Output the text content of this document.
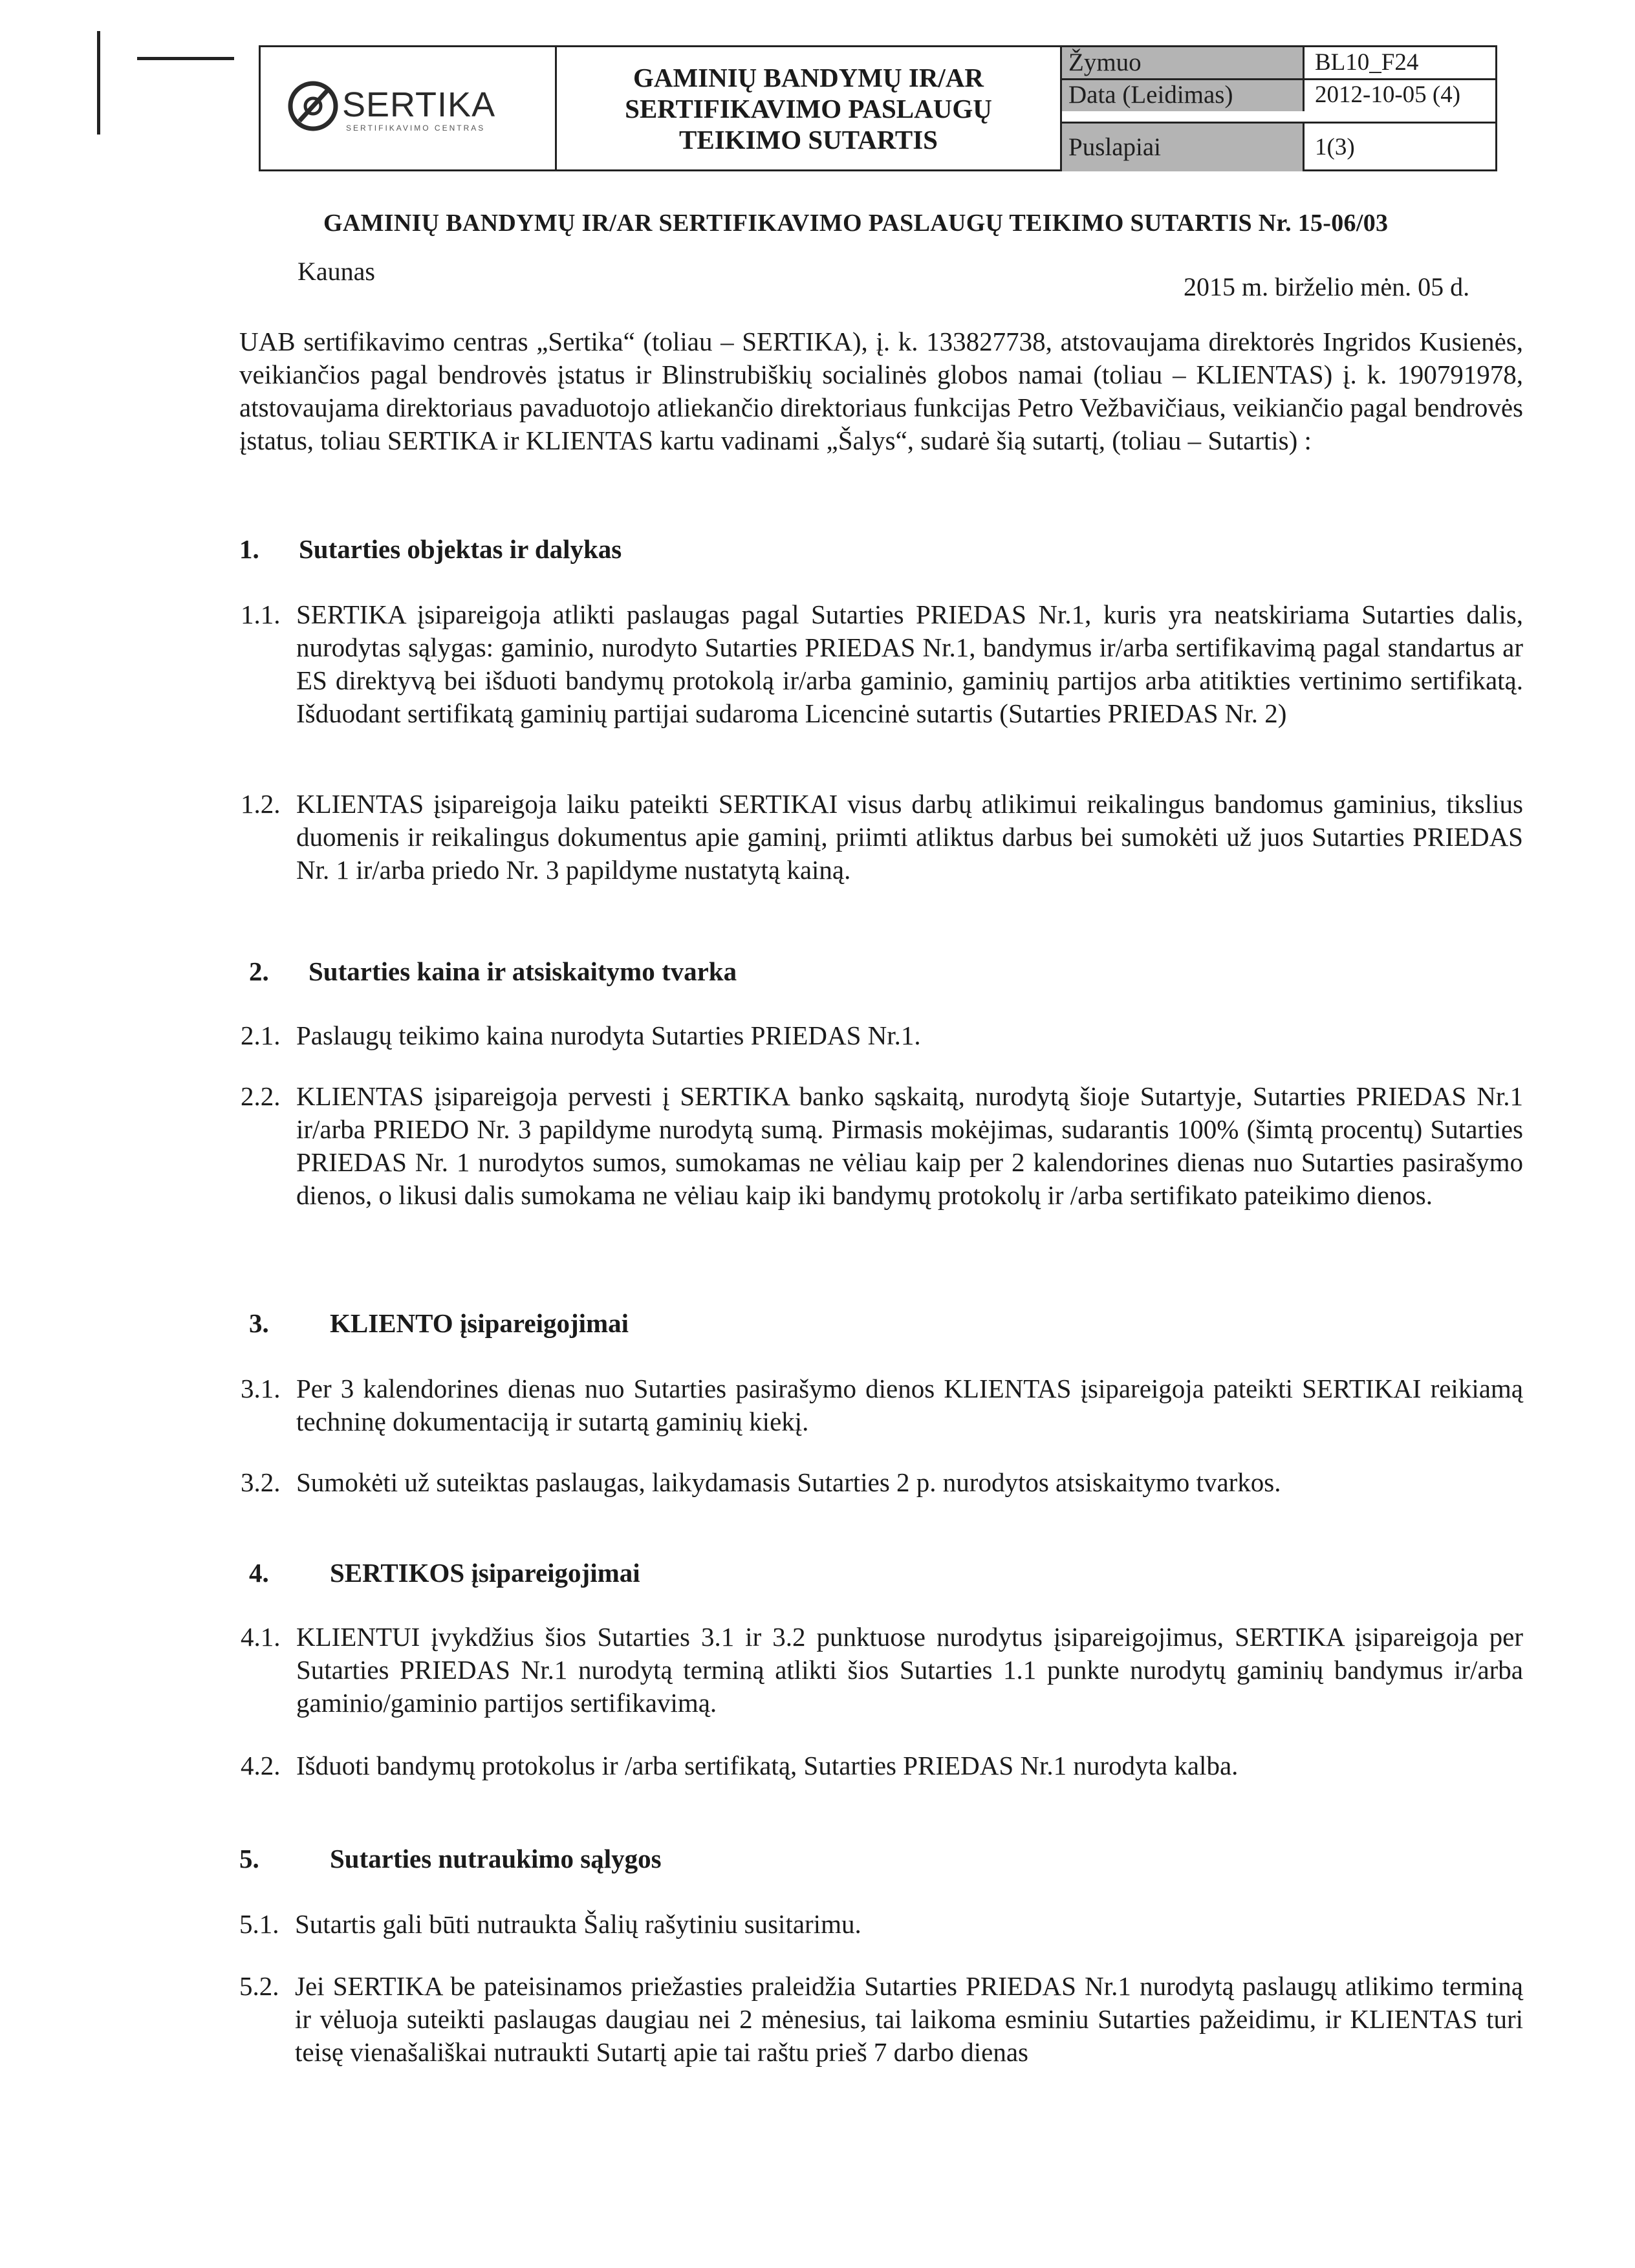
SERTIKA
SERTIFIKAVIMO CENTRAS
GAMINIŲ BANDYMŲ IR/AR
SERTIFIKAVIMO PASLAUGŲ
TEIKIMO SUTARTIS
Žymuo	BL10_F24
Data (Leidimas)	2012-10-05 (4)
Puslapiai	1(3)
GAMINIŲ BANDYMŲ IR/AR SERTIFIKAVIMO PASLAUGŲ TEIKIMO SUTARTIS Nr. 15-06/03
Kaunas
2015 m. birželio mėn. 05 d.
UAB sertifikavimo centras „Sertika“ (toliau – SERTIKA), į. k. 133827738, atstovaujama direktorės Ingridos Kusienės, veikiančios pagal bendrovės įstatus ir Blinstrubiškių socialinės globos namai (toliau – KLIENTAS) į. k. 190791978, atstovaujama direktoriaus pavaduotojo atliekančio direktoriaus funkcijas Petro Vežbavičiaus, veikiančio pagal bendrovės įstatus, toliau SERTIKA ir KLIENTAS kartu vadinami „Šalys“, sudarė šią sutartį, (toliau – Sutartis) :
1. Sutarties objektas ir dalykas
1.1. SERTIKA įsipareigoja atlikti paslaugas pagal Sutarties PRIEDAS Nr.1, kuris yra neatskiriama Sutarties dalis, nurodytas sąlygas: gaminio, nurodyto Sutarties PRIEDAS Nr.1, bandymus ir/arba sertifikavimą pagal standartus ar ES direktyvą bei išduoti bandymų protokolą ir/arba gaminio, gaminių partijos arba atitikties vertinimo sertifikatą. Išduodant sertifikatą gaminių partijai sudaroma Licencinė sutartis (Sutarties PRIEDAS Nr. 2)
1.2. KLIENTAS įsipareigoja laiku pateikti SERTIKAI visus darbų atlikimui reikalingus bandomus gaminius, tikslius duomenis ir reikalingus dokumentus apie gaminį, priimti atliktus darbus bei sumokėti už juos Sutarties PRIEDAS Nr. 1 ir/arba priedo Nr. 3 papildyme nustatytą kainą.
2. Sutarties kaina ir atsiskaitymo tvarka
2.1. Paslaugų teikimo kaina nurodyta Sutarties PRIEDAS Nr.1.
2.2. KLIENTAS įsipareigoja pervesti į SERTIKA banko sąskaitą, nurodytą šioje Sutartyje, Sutarties PRIEDAS Nr.1 ir/arba PRIEDO Nr. 3 papildyme nurodytą sumą. Pirmasis mokėjimas, sudarantis 100% (šimtą procentų) Sutarties PRIEDAS Nr. 1 nurodytos sumos, sumokamas ne vėliau kaip per 2 kalendorines dienas nuo Sutarties pasirašymo dienos, o likusi dalis sumokama ne vėliau kaip iki bandymų protokolų ir /arba sertifikato pateikimo dienos.
3. KLIENTO įsipareigojimai
3.1. Per 3 kalendorines dienas nuo Sutarties pasirašymo dienos KLIENTAS įsipareigoja pateikti SERTIKAI reikiamą techninę dokumentaciją ir sutartą gaminių kiekį.
3.2. Sumokėti už suteiktas paslaugas, laikydamasis Sutarties 2 p. nurodytos atsiskaitymo tvarkos.
4. SERTIKOS įsipareigojimai
4.1. KLIENTUI įvykdžius šios Sutarties 3.1 ir 3.2 punktuose nurodytus įsipareigojimus, SERTIKA įsipareigoja per Sutarties PRIEDAS Nr.1 nurodytą terminą atlikti šios Sutarties 1.1 punkte nurodytų gaminių bandymus ir/arba gaminio/gaminio partijos sertifikavimą.
4.2. Išduoti bandymų protokolus ir /arba sertifikatą, Sutarties PRIEDAS Nr.1 nurodyta kalba.
5.	Sutarties nutraukimo sąlygos
5.1. Sutartis gali būti nutraukta Šalių rašytiniu susitarimu.
5.2. Jei SERTIKA be pateisinamos priežasties praleidžia Sutarties PRIEDAS Nr.1 nurodytą paslaugų atlikimo terminą ir vėluoja suteikti paslaugas daugiau nei 2 mėnesius, tai laikoma esminiu Sutarties pažeidimu, ir KLIENTAS turi teisę vienašališkai nutraukti Sutartį apie tai raštu prieš 7 darbo dienas
